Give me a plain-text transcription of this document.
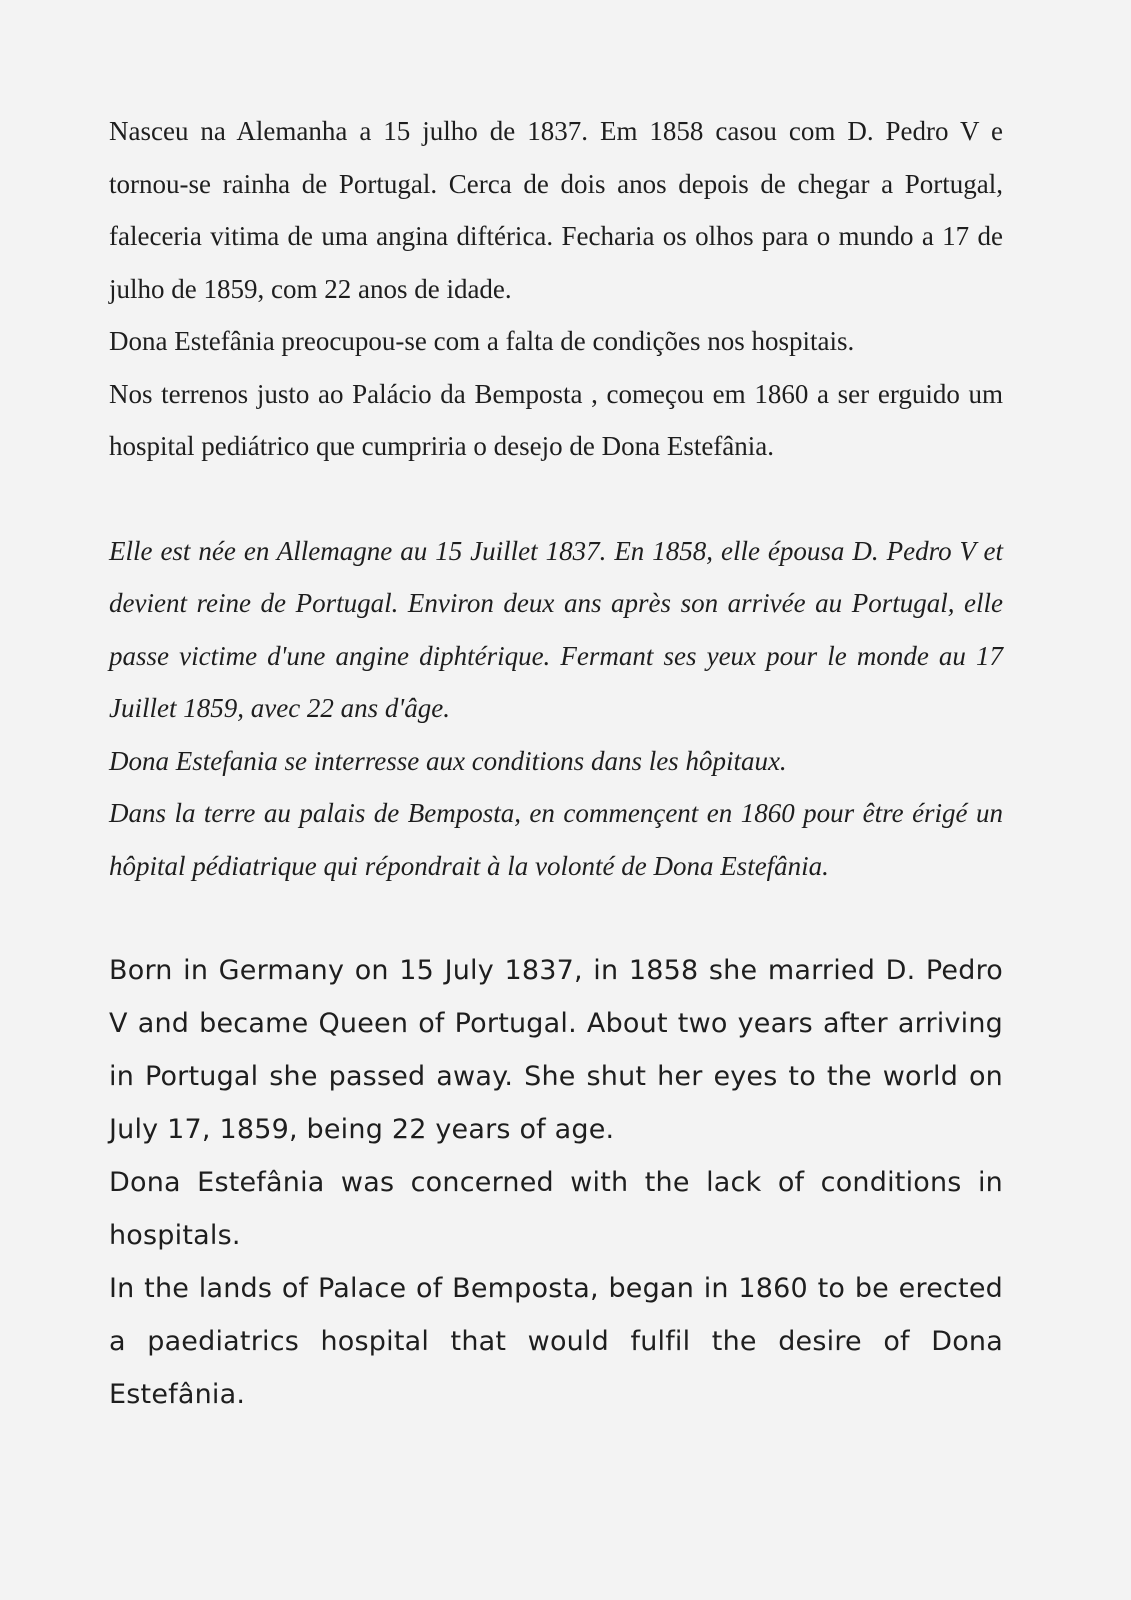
Nasceu na Alemanha a 15 julho de 1837. Em 1858 casou com D. Pedro V e tornou-se rainha de Portugal. Cerca de dois anos depois de chegar a Portugal, faleceria vitima de uma angina diftérica. Fecharia os olhos para o mundo a 17 de julho de 1859, com 22 anos de idade.

Dona Estefânia preocupou-se com a falta de condições nos hospitais.

Nos terrenos justo ao Palácio da Bemposta , começou em 1860 a ser erguido um hospital pediátrico que cumpriria o desejo de Dona Estefânia.

Elle est née en Allemagne au 15 Juillet 1837. En 1858, elle épousa D. Pedro V et devient reine de Portugal. Environ deux ans après son arrivée au Portugal, elle passe victime d'une angine diphtérique. Fermant ses yeux pour le monde au 17 Juillet 1859, avec 22 ans d'âge.

Dona Estefania se interresse aux conditions dans les hôpitaux.

Dans la terre au palais de Bemposta, en commençent en 1860 pour être érigé un hôpital pédiatrique qui répondrait à la volonté de Dona Estefânia.

Born in Germany on 15 July 1837, in 1858 she married D. Pedro V and became Queen of Portugal. About two years after arriving in Portugal she passed away. She shut her eyes to the world on July 17, 1859, being 22 years of age.

Dona Estefânia was concerned with the lack of conditions in hospitals.

In the lands of Palace of Bemposta, began in 1860 to be erected a paediatrics hospital that would fulfil the desire of Dona Estefânia.
